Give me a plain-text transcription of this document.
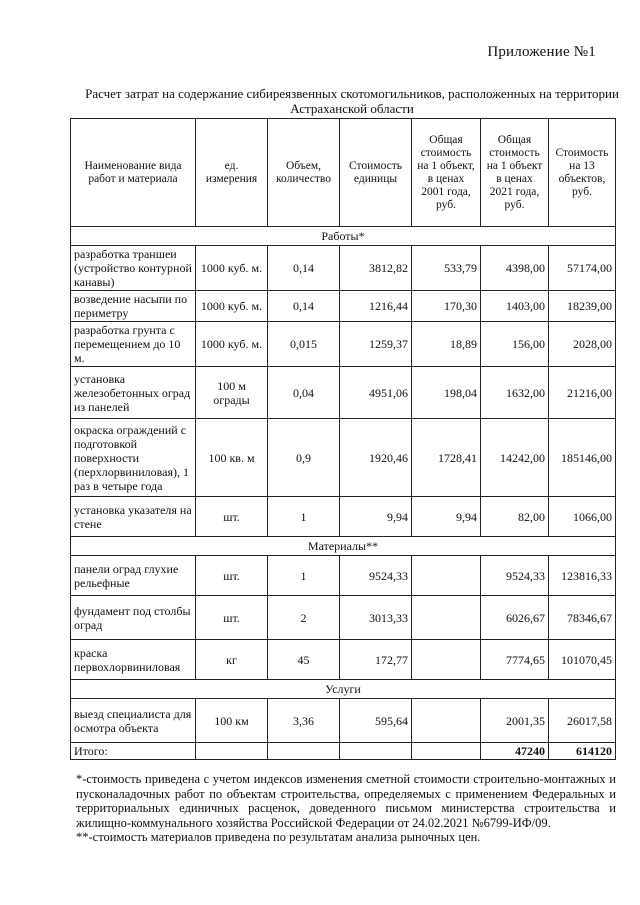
Приложение №1
Расчет затрат на содержание сибиреязвенных скотомогильников, расположенных на территории Астраханской области
Наименование вида работ и материала	ед. измерения	Объем, количество	Стоимость единицы	Общая стоимость на 1 объект, в ценах 2001 года, руб.	Общая стоимость на 1 объект в ценах 2021 года, руб.	Стоимость на 13 объектов, руб.
Работы*						
разработка траншеи (устройство контурной канавы)	1000 куб. м.	0,14	3812,82	533,79	4398,00	57174,00
возведение насыпи по периметру	1000 куб. м.	0,14	1216,44	170,30	1403,00	18239,00
разработка грунта с перемещением до 10 м.	1000 куб. м.	0,015	1259,37	18,89	156,00	2028,00
установка железобетонных оград из панелей	100 м ограды	0,04	4951,06	198,04	1632,00	21216,00
окраска ограждений с подготовкой поверхности (перхлорвиниловая), 1 раз в четыре года	100 кв. м	0,9	1920,46	1728,41	14242,00	185146,00
установка указателя на стене	шт.	1	9,94	9,94	82,00	1066,00
Материалы**						
панели оград глухие рельефные	шт.	1	9524,33		9524,33	123816,33
фундамент под столбы оград	шт.	2	3013,33		6026,67	78346,67
краска первохлорвиниловая	кг	45	172,77		7774,65	101070,45
Услуги						
выезд специалиста для осмотра объекта	100 км	3,36	595,64		2001,35	26017,58
Итого:					47240	614120

*-стоимость приведена с учетом индексов изменения сметной стоимости строительно-монтажных и пусконаладочных работ по объектам строительства, определяемых с применением Федеральных и территориальных единичных расценок, доведенного письмом министерства строительства и жилищно-коммунального хозяйства Российской Федерации от 24.02.2021 №6799-ИФ/09.

**-стоимость материалов приведена по результатам анализа рыночных цен.
